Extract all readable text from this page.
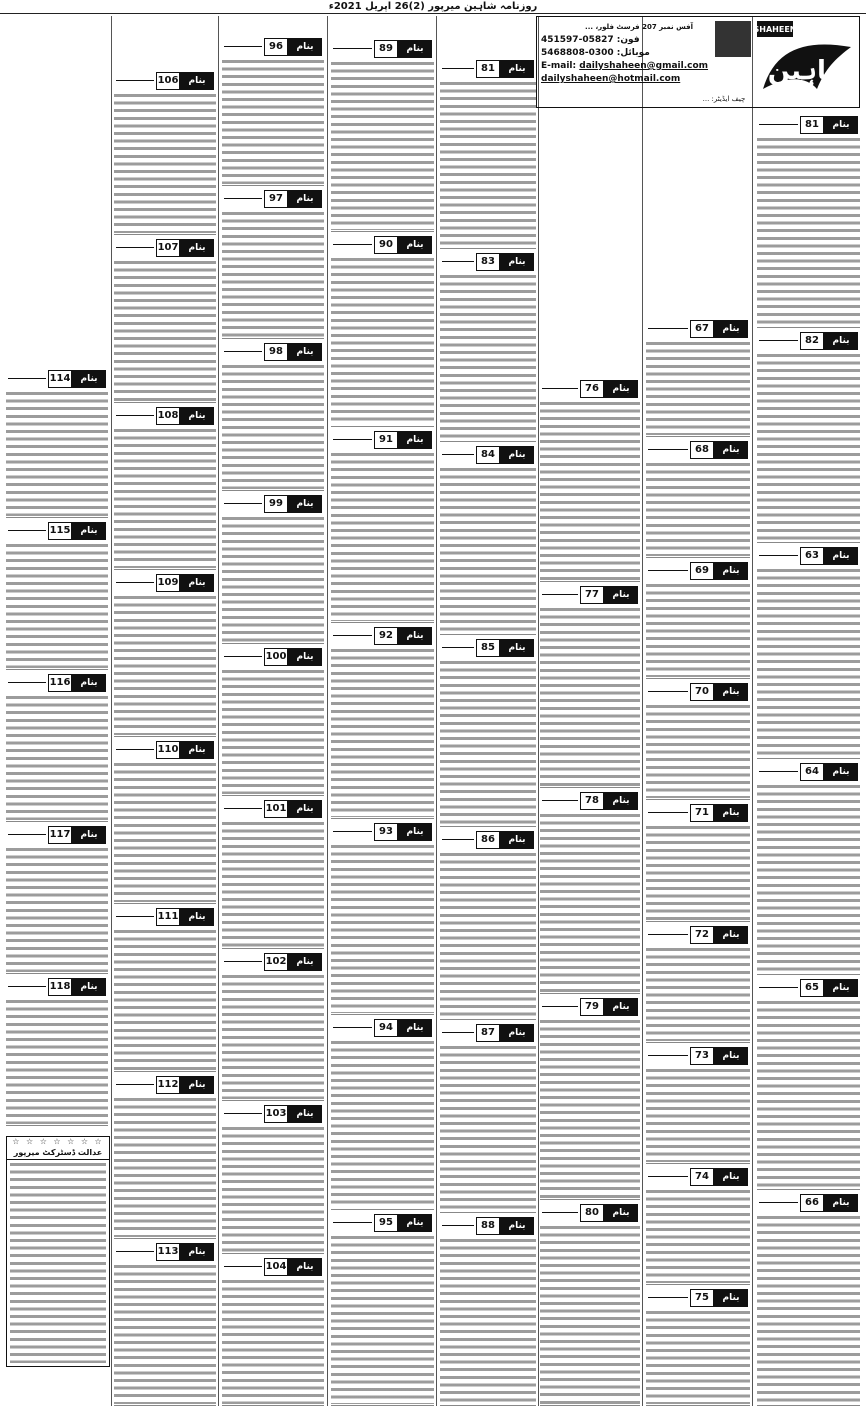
روزنامہ شاہین میرپور (2)26 اپریل 2021ء
81	بنام
82	بنام
63	بنام
64	بنام
65	بنام
66	بنام
67	بنام
68	بنام
69	بنام
70	بنام
71	بنام
72	بنام
73	بنام
74	بنام
75	بنام
76	بنام
77	بنام
78	بنام
79	بنام
80	بنام
81	بنام
83	بنام
84	بنام
85	بنام
86	بنام
87	بنام
88	بنام
89	بنام
90	بنام
91	بنام
92	بنام
93	بنام
94	بنام
95	بنام
96	بنام
97	بنام
98	بنام
99	بنام
100	بنام
101	بنام
102	بنام
103	بنام
104	بنام
106	بنام
107	بنام
108	بنام
109	بنام
110	بنام
111	بنام
112	بنام
113	بنام
114	بنام
115	بنام
116	بنام
117	بنام
118	بنام
SHAHEEN
شاہین
آفس نمبر 207 فرسٹ فلور، ...
فون: 05827-451597
موبائل: 0300-5468808
E-mail: dailyshaheen@gmail.com
dailyshaheen@hotmail.com
چیف ایڈیٹر: ...
☆ ☆ ☆ ☆ ☆ ☆ ☆
عدالت ڈسٹرکٹ میرپور
